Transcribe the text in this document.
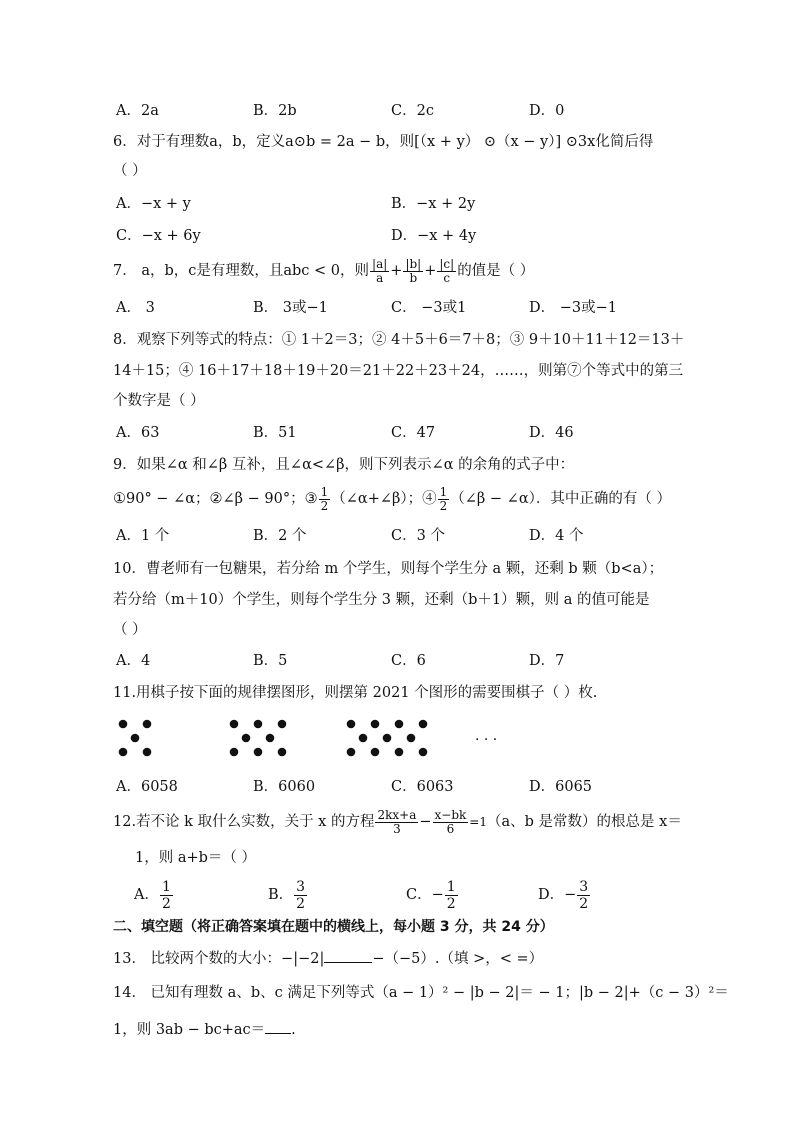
A．2a	B．2b	C．2c	D．0
6．对于有理数a，b，定义a⊙b = 2a − b，则[（x + y） ⊙（x − y）] ⊙3x化简后得
（ ）
A．−x + y	B．−x + 2y
C．−x + 6y	D．−x + 4y
7． a，b，c是有理数，且abc < 0，则 $\frac{|a|}{a} + \frac{|b|}{b} + \frac{|c|}{c}$ 的值是（ ）
A． 3	B． 3或−1	C． −3或1	D． −3或−1
8．观察下列等式的特点：① 1＋2＝3；② 4＋5＋6＝7＋8；③ 9＋10＋11＋12＝13＋
14＋15；④ 16＋17＋18＋19＋20＝21＋22＋23＋24，……，则第⑦个等式中的第三
个数字是（ ）
A．63	B．51	C．47	D．46
9．如果∠α 和∠β 互补，且∠α<∠β，则下列表示∠α 的余角的式子中：
①90° − ∠α；②∠β − 90°；③ $\frac{1}{2}$ （∠α+∠β）；④ $\frac{1}{2}$ （∠β − ∠α）．其中正确的有（ ）
A．1 个	B．2 个	C．3 个	D．4 个
10．曹老师有一包糖果，若分给 m 个学生，则每个学生分 a 颗，还剩 b 颗（b<a）；
若分给（m＋10）个学生，则每个学生分 3 颗，还剩（b＋1）颗，则 a 的值可能是
（ ）
A．4	B．5	C．6	D．7
11.用棋子按下面的规律摆图形，则摆第 2021 个图形的需要围棋子（ ）枚.
· · ·
A．6058	B．6060	C．6063	D．6065
12.若不论 k 取什么实数，关于 x 的方程 $\frac{2kx+a}{3} - \frac{x-bk}{6} =1(a$、b 是常数）的根总是 x＝
1，则 a+b＝（ ）
A． $\frac{1}{2}$	B． $\frac{3}{2}$	C．− $\frac{1}{2}$	D．− $\frac{3}{2}$
二、填空题（将正确答案填在题中的横线上，每小题 3 分，共 24 分）
13． 比较两个数的大小：−|−2|	−（−5）.（填 >，< =）
14． 已知有理数 a、b、c 满足下列等式（a − 1）² − |b − 2|＝ − 1；|b − 2|+（c − 3）²＝
1，则 3ab − bc+ac＝ .
